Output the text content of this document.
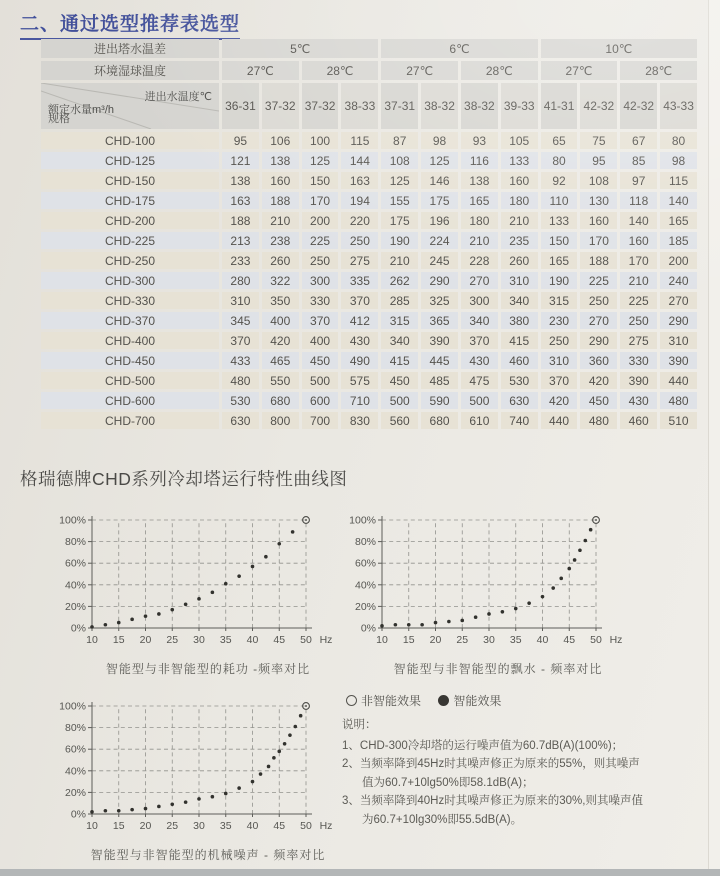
二、通过选型推荐表选型
进出塔水温差	5℃				6℃				10℃			
环境湿球温度	27℃		28℃		27℃		28℃		27℃		28℃	

进出水温度℃
额定水量m³/h
规格	36-31	37-32	37-32	38-33	37-31	38-32	38-32	39-33	41-31	42-32	42-32	43-33
CHD-100	95	106	100	115	87	98	93	105	65	75	67	80
CHD-125	121	138	125	144	108	125	116	133	80	95	85	98
CHD-150	138	160	150	163	125	146	138	160	92	108	97	115
CHD-175	163	188	170	194	155	175	165	180	110	130	118	140
CHD-200	188	210	200	220	175	196	180	210	133	160	140	165
CHD-225	213	238	225	250	190	224	210	235	150	170	160	185
CHD-250	233	260	250	275	210	245	228	260	165	188	170	200
CHD-300	280	322	300	335	262	290	270	310	190	225	210	240
CHD-330	310	350	330	370	285	325	300	340	315	250	225	270
CHD-370	345	400	370	412	315	365	340	380	230	270	250	290
CHD-400	370	420	400	430	340	390	370	415	250	290	275	310
CHD-450	433	465	450	490	415	445	430	460	310	360	330	390
CHD-500	480	550	500	575	450	485	475	530	370	420	390	440
CHD-600	530	680	600	710	500	590	500	630	420	450	430	480
CHD-700	630	800	700	830	560	680	610	740	440	480	460	510
格瑞德牌CHD系列冷却塔运行特性曲线图
0%
20%
40%
60%
80%
100%
10 15 20 25 30 35 40 45 50 Hz
智能型与非智能型的耗功 -频率对比
0%
20%
40%
60%
80%
100%
10 15 20 25 30 35 40 45 50 Hz
智能型与非智能型的飘水 - 频率对比
0%
20%
40%
60%
80%
100%
10 15 20 25 30 35 40 45 50 Hz
智能型与非智能型的机械噪声 - 频率对比
非智能效果	智能效果
说明：
1、CHD-300冷却塔的运行噪声值为60.7dB(A)(100%)；
2、当频率降到45Hz时其噪声修正为原来的55%，则其噪声
值为60.7+10lg50%即58.1dB(A)；
3、当频率降到40Hz时其噪声修正为原来的30%,则其噪声值
为60.7+10lg30%即55.5dB(A)。
